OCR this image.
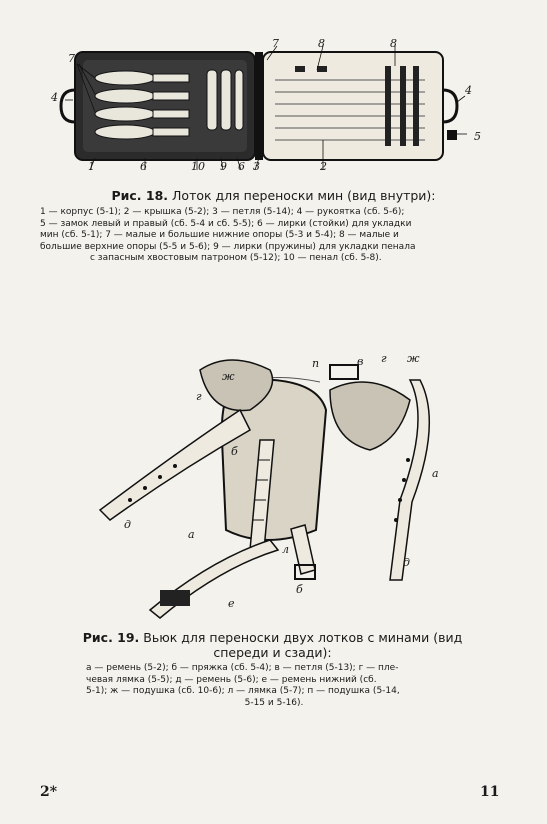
7
7	8	8
4
4
5
1	6	10 9 6 3	2
Рис. 18. Лоток для переноски мин (вид внутри):
1 — корпус (5-1); 2 — крышка (5-2); 3 — петля (5-14); 4 — рукоятка (сб. 5-6);
5 — замок левый и правый (сб. 5-4 и сб. 5-5); 6 — лирки (стойки) для укладки
мин (сб. 5-1); 7 — малые и большие нижние опоры (5-3 и 5-4); 8 — малые и
большие верхние опоры (5-5 и 5-6); 9 — лирки (пружины) для укладки пенала
с запасным хвостовым патроном (5-12); 10 — пенал (сб. 5-8).
ж
г
п	в г ж
б
а
а
д
л
д
б
е
Рис. 19. Вьюк для переноски двух лотков с минами (вид
спереди и сзади):
а — ремень (5-2); б — пряжка (сб. 5-4); в — петля (5-13); г — пле-
чевая лямка (5-5); д — ремень (5-6); е — ремень нижний (сб.
5-1); ж — подушка (сб. 10-6); л — лямка (5-7); п — подушка (5-14,
5-15 и 5-16).
2*	11
